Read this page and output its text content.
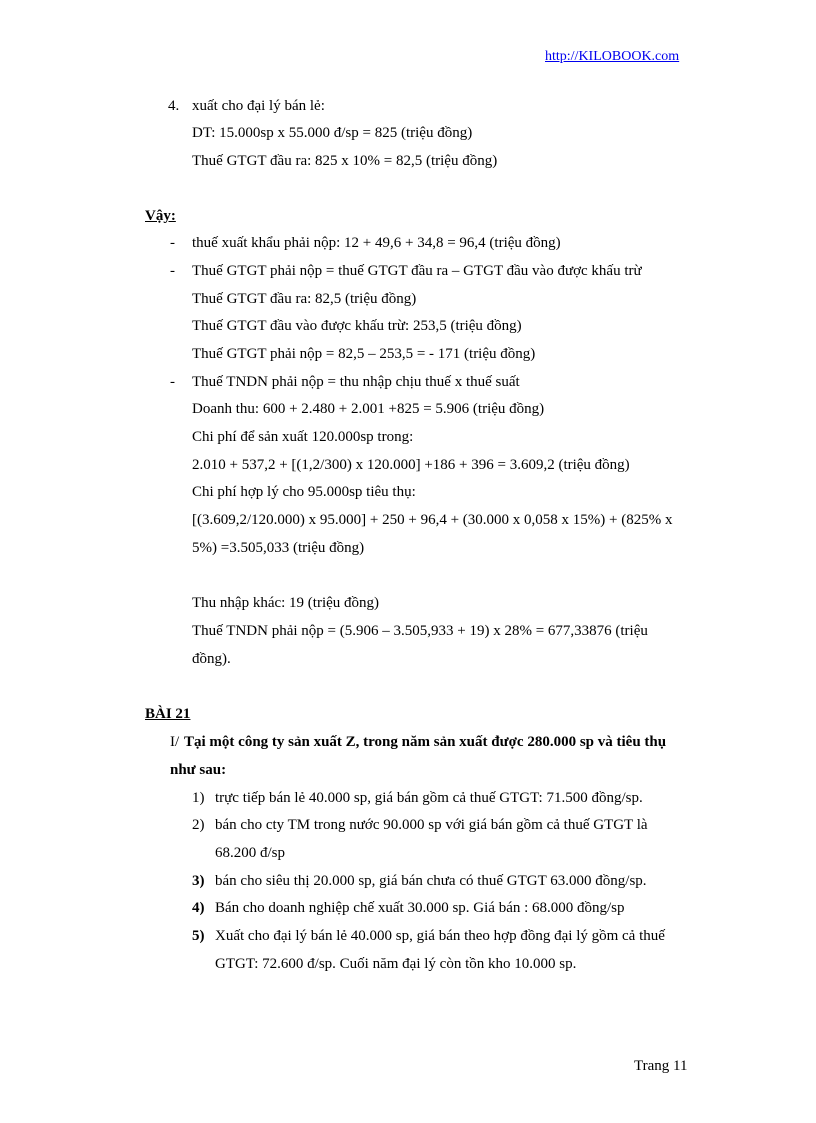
http://KILOBOOK.com
4. xuất cho đại lý bán lẻ:
DT: 15.000sp x 55.000 đ/sp = 825 (triệu đồng)
Thuế GTGT đầu ra: 825 x 10% = 82,5 (triệu đồng)
Vậy:
- thuế xuất khẩu phải nộp: 12 + 49,6 + 34,8 = 96,4 (triệu đồng)
- Thuế GTGT phải nộp = thuế GTGT đầu ra – GTGT đầu vào được khấu trừ
Thuế GTGT đầu ra: 82,5 (triệu đồng)
Thuế GTGT đầu vào được khấu trừ: 253,5 (triệu đồng)
Thuế GTGT phải nộp = 82,5 – 253,5 = - 171 (triệu đồng)
- Thuế TNDN phải nộp = thu nhập chịu thuế x thuế suất
Doanh thu: 600 + 2.480 + 2.001 +825 = 5.906 (triệu đồng)
Chi phí để sản xuất 120.000sp trong:
2.010 + 537,2 + [(1,2/300) x 120.000] +186 + 396 = 3.609,2 (triệu đồng)
Chi phí hợp lý cho 95.000sp tiêu thụ:
[(3.609,2/120.000) x 95.000] + 250 + 96,4 + (30.000 x 0,058 x 15%) + (825% x
5%) =3.505,033 (triệu đồng)
Thu nhập khác: 19 (triệu đồng)
Thuế TNDN phải nộp = (5.906 – 3.505,933 + 19) x 28% = 677,33876 (triệu
đồng).
BÀI 21
I/ Tại một công ty sản xuất Z, trong năm sản xuất được 280.000 sp và tiêu thụ
như sau:
1) trực tiếp bán lẻ 40.000 sp, giá bán gồm cả thuế GTGT: 71.500 đồng/sp.
2) bán cho cty TM trong nước 90.000 sp với giá bán gồm cả thuế GTGT là
68.200 đ/sp
3) bán cho siêu thị 20.000 sp, giá bán chưa có thuế GTGT 63.000 đồng/sp.
4) Bán cho doanh nghiệp chế xuất 30.000 sp. Giá bán : 68.000 đồng/sp
5) Xuất cho đại lý bán lẻ 40.000 sp, giá bán theo hợp đồng đại lý gồm cả thuế
GTGT: 72.600 đ/sp. Cuối năm đại lý còn tồn kho 10.000 sp.
Trang 11
